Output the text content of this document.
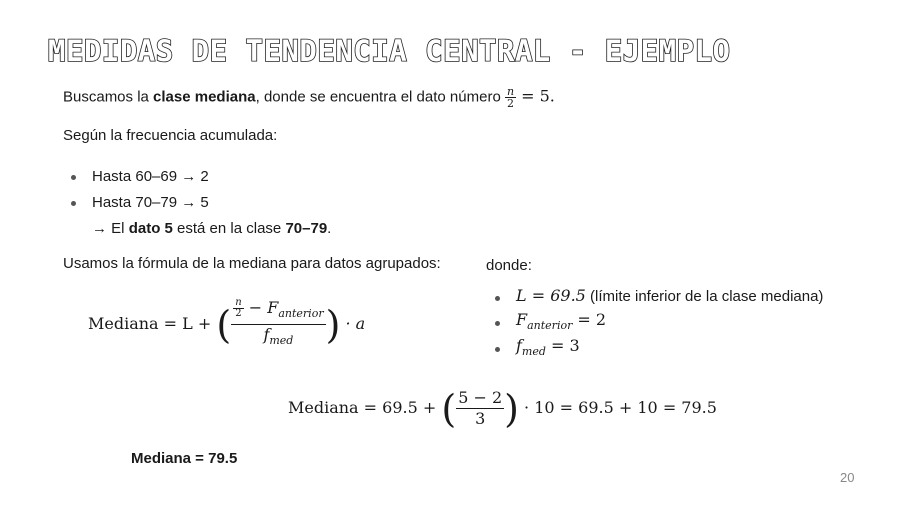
MEDIDAS DE TENDENCIA CENTRAL - EJEMPLO
Buscamos la clase mediana, donde se encuentra el dato número $\frac{n}{2} = 5$.
Según la frecuencia acumulada:
Hasta 60–69 → 2
Hasta 70–79 → 5
→ El dato 5 está en la clase 70–79.
Usamos la fórmula de la mediana para datos agrupados:
Mediana = L + ( $\frac{\frac{n}{2} - F_{anterior}}{f_{med}}$ ) · a
donde:
L = 69.5 (límite inferior de la clase mediana)
$F_{anterior} = 2$
$f_{med} = 3$
Mediana = 69.5 + ( $\frac{5 - 2}{3}$ ) · 10 = 69.5 + 10 = 79.5
Mediana = 79.5
20
